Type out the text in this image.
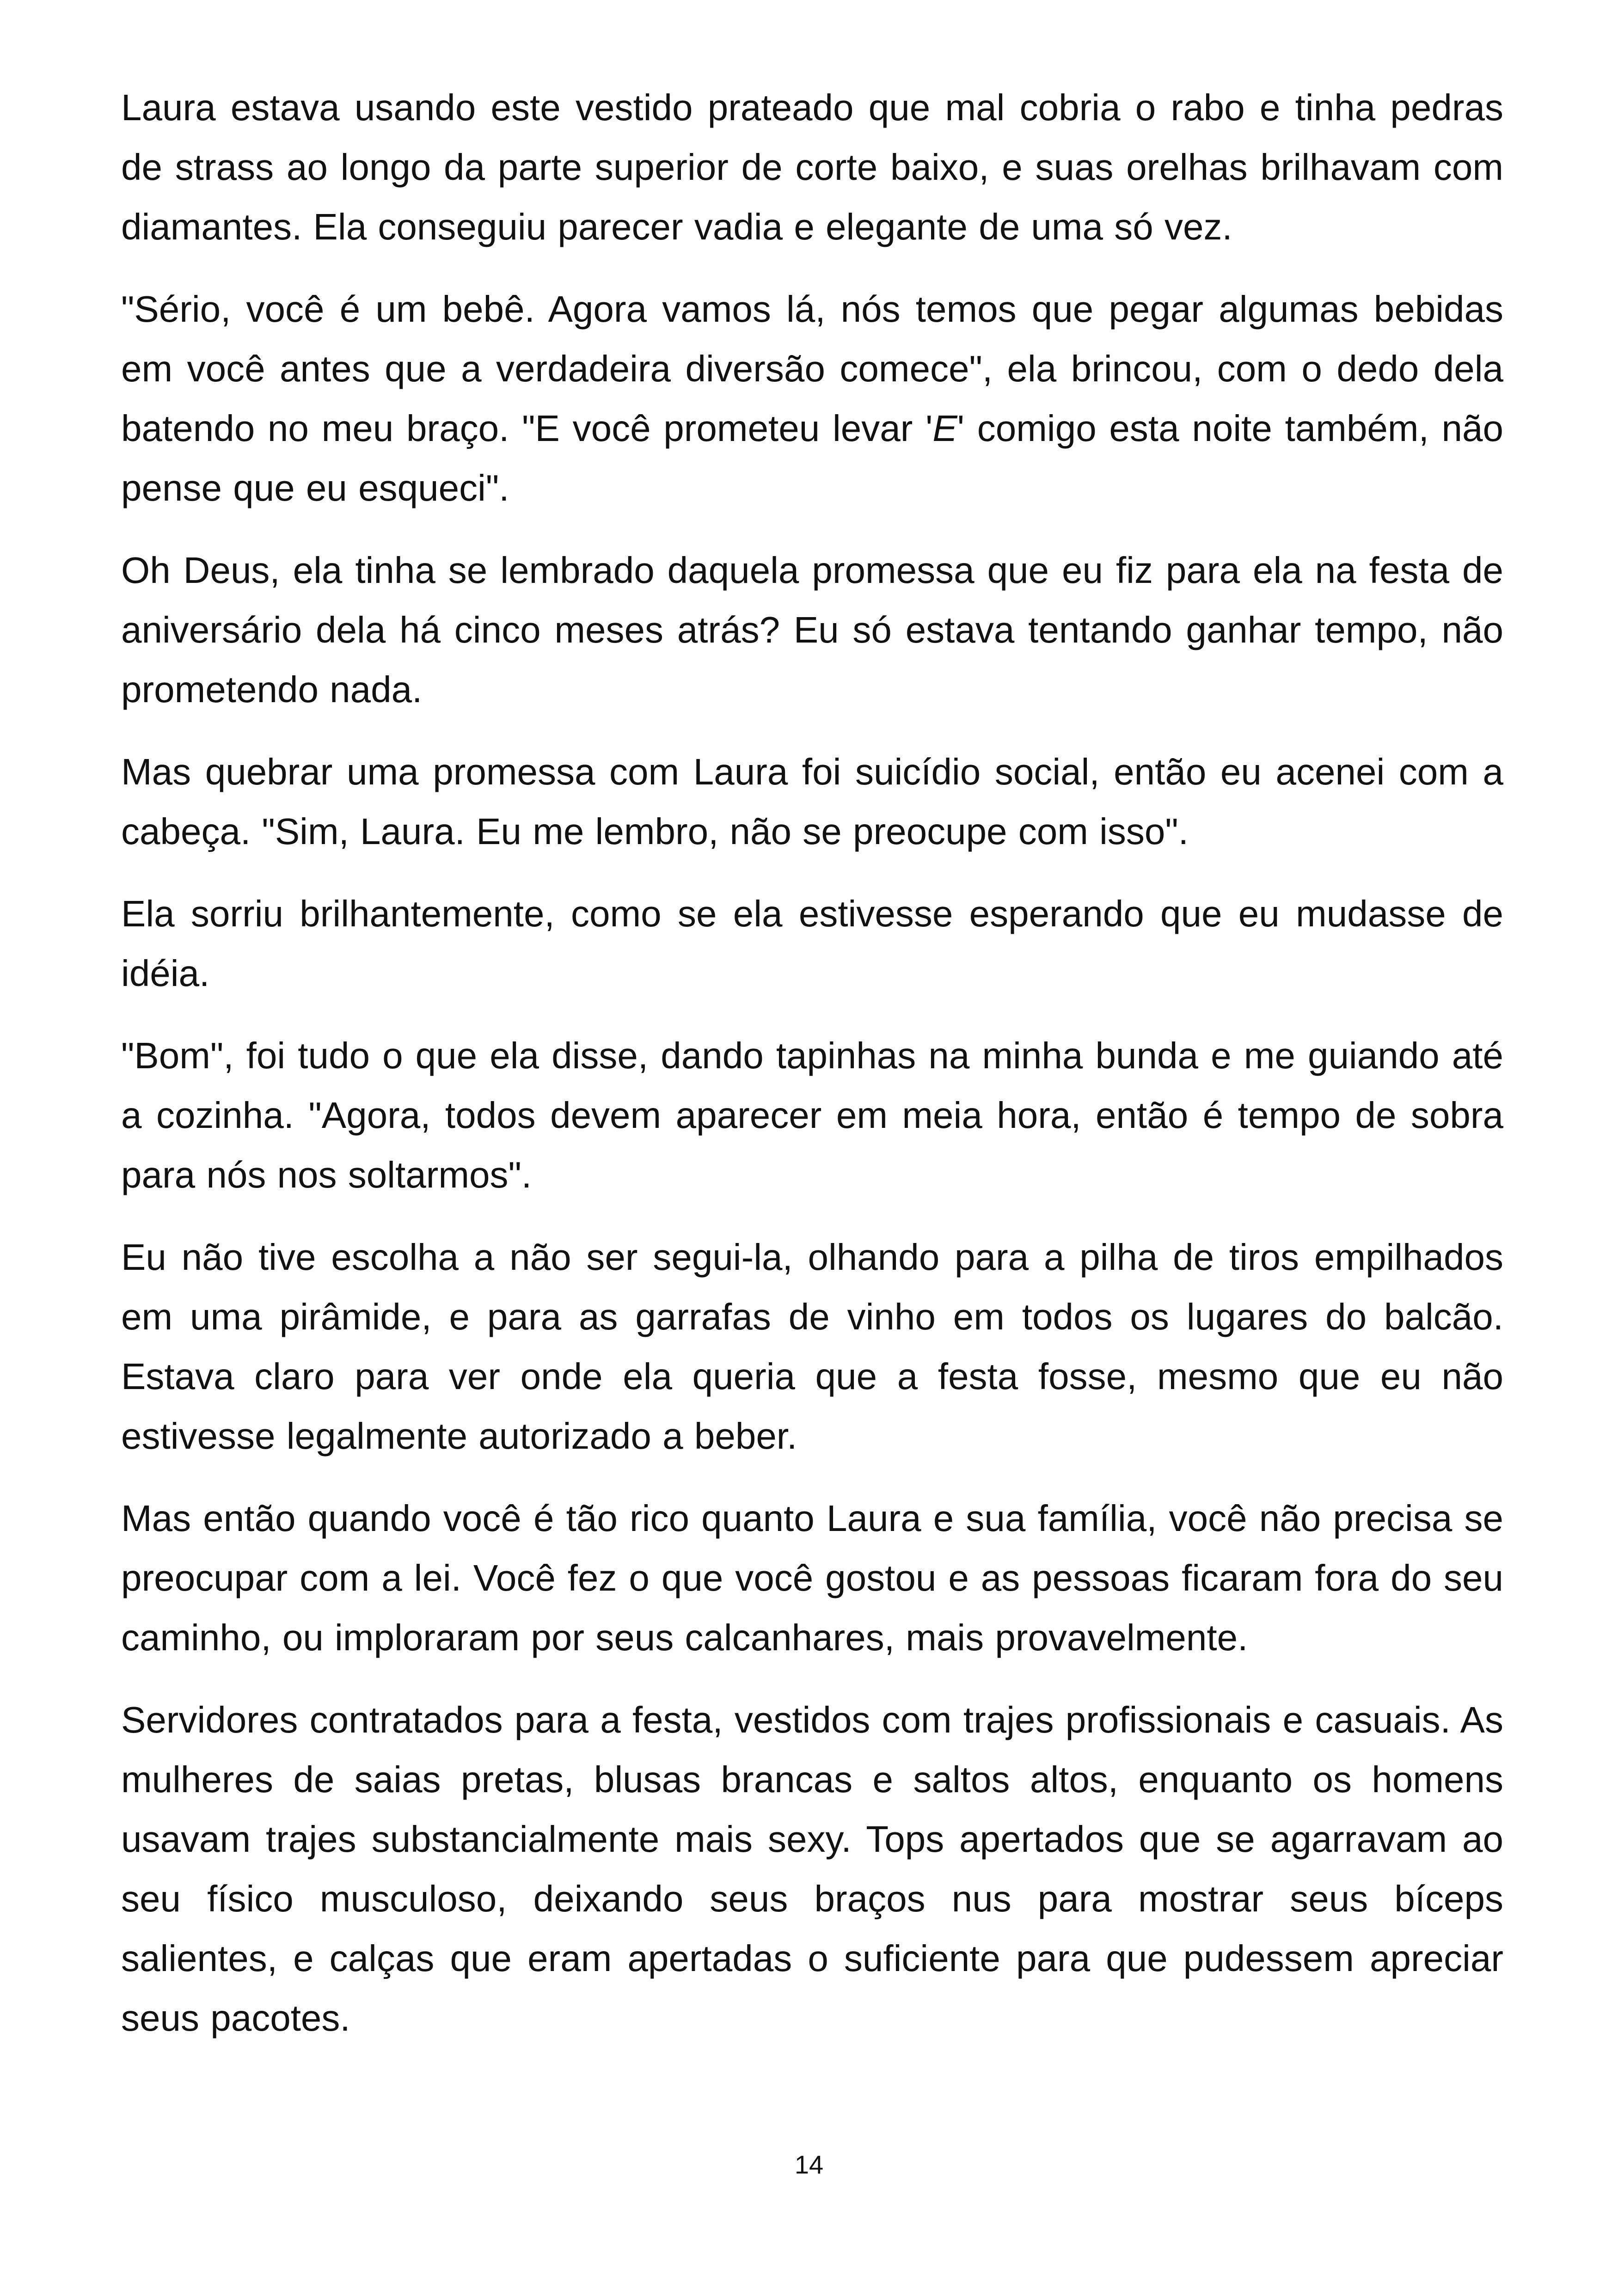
Laura estava usando este vestido prateado que mal cobria o rabo e tinha pedras de strass ao longo da parte superior de corte baixo, e suas orelhas brilhavam com diamantes. Ela conseguiu parecer vadia e elegante de uma só vez.

"Sério, você é um bebê. Agora vamos lá, nós temos que pegar algumas bebidas em você antes que a verdadeira diversão comece", ela brincou, com o dedo dela batendo no meu braço. "E você prometeu levar 'E' comigo esta noite também, não pense que eu esqueci".

Oh Deus, ela tinha se lembrado daquela promessa que eu fiz para ela na festa de aniversário dela há cinco meses atrás? Eu só estava tentando ganhar tempo, não prometendo nada.

Mas quebrar uma promessa com Laura foi suicídio social, então eu acenei com a cabeça. "Sim, Laura. Eu me lembro, não se preocupe com isso".

Ela sorriu brilhantemente, como se ela estivesse esperando que eu mudasse de idéia.

"Bom", foi tudo o que ela disse, dando tapinhas na minha bunda e me guiando até a cozinha. "Agora, todos devem aparecer em meia hora, então é tempo de sobra para nós nos soltarmos".

Eu não tive escolha a não ser segui-la, olhando para a pilha de tiros empilhados em uma pirâmide, e para as garrafas de vinho em todos os lugares do balcão. Estava claro para ver onde ela queria que a festa fosse, mesmo que eu não estivesse legalmente autorizado a beber.

Mas então quando você é tão rico quanto Laura e sua família, você não precisa se preocupar com a lei. Você fez o que você gostou e as pessoas ficaram fora do seu caminho, ou imploraram por seus calcanhares, mais provavelmente.

Servidores contratados para a festa, vestidos com trajes profissionais e casuais. As mulheres de saias pretas, blusas brancas e saltos altos, enquanto os homens usavam trajes substancialmente mais sexy. Tops apertados que se agarravam ao seu físico musculoso, deixando seus braços nus para mostrar seus bíceps salientes, e calças que eram apertadas o suficiente para que pudessem apreciar seus pacotes.

14
